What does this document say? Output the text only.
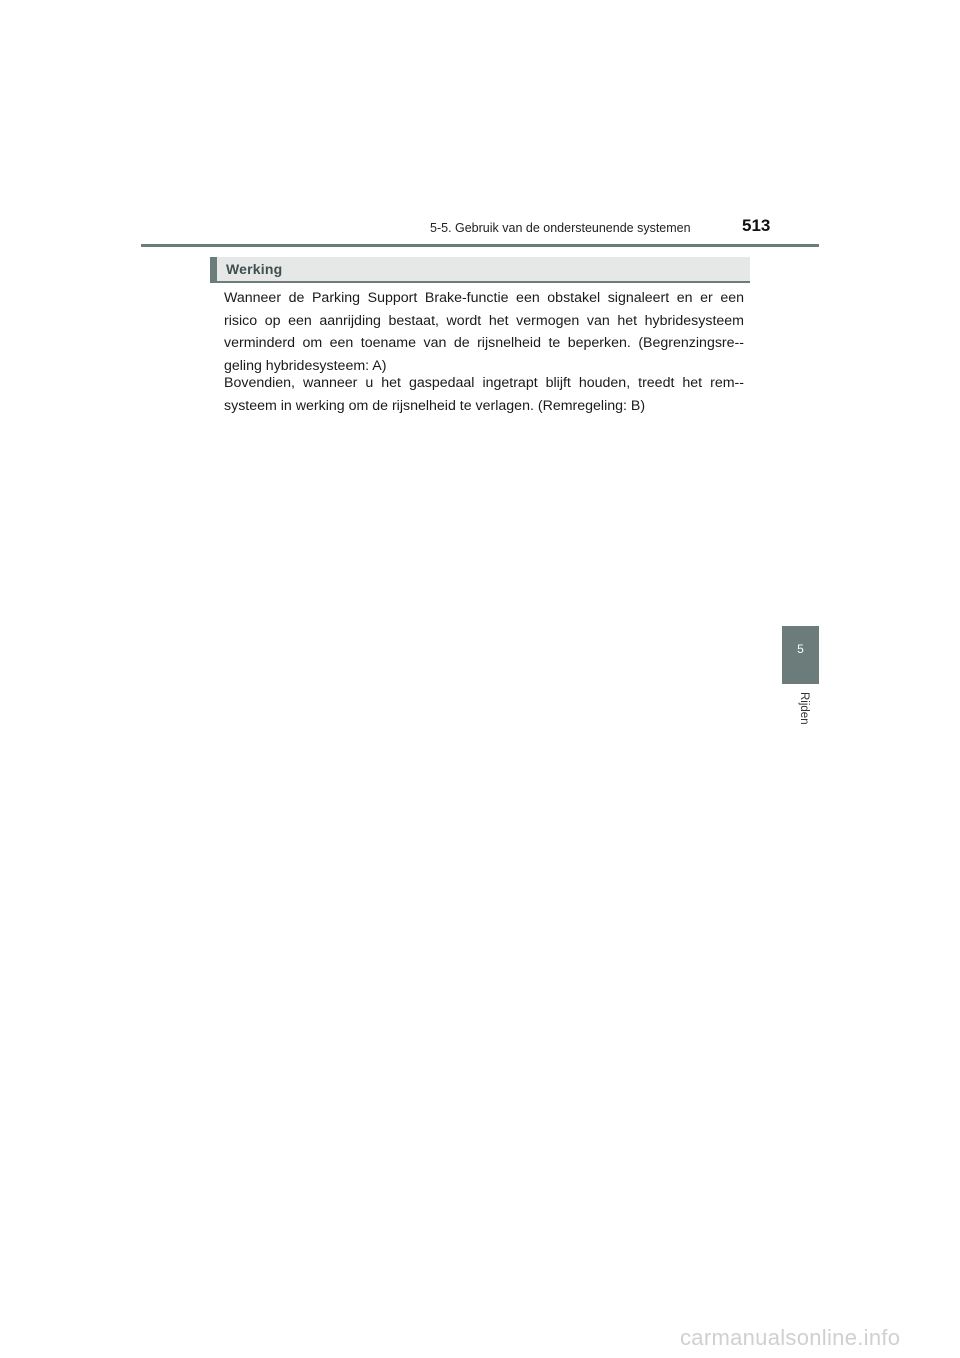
5-5. Gebruik van de ondersteunende systemen	513
Werking

Wanneer de Parking Support Brake-functie een obstakel signaleert en er een risico op een aanrijding bestaat, wordt het vermogen van het hybridesysteem verminderd om een toename van de rijsnelheid te beperken. (Begrenzingsre-geling hybridesysteem: A)

Bovendien, wanneer u het gaspedaal ingetrapt blijft houden, treedt het rem-systeem in werking om de rijsnelheid te verlagen. (Remregeling: B)

5
Rijden
carmanualsonline.info
